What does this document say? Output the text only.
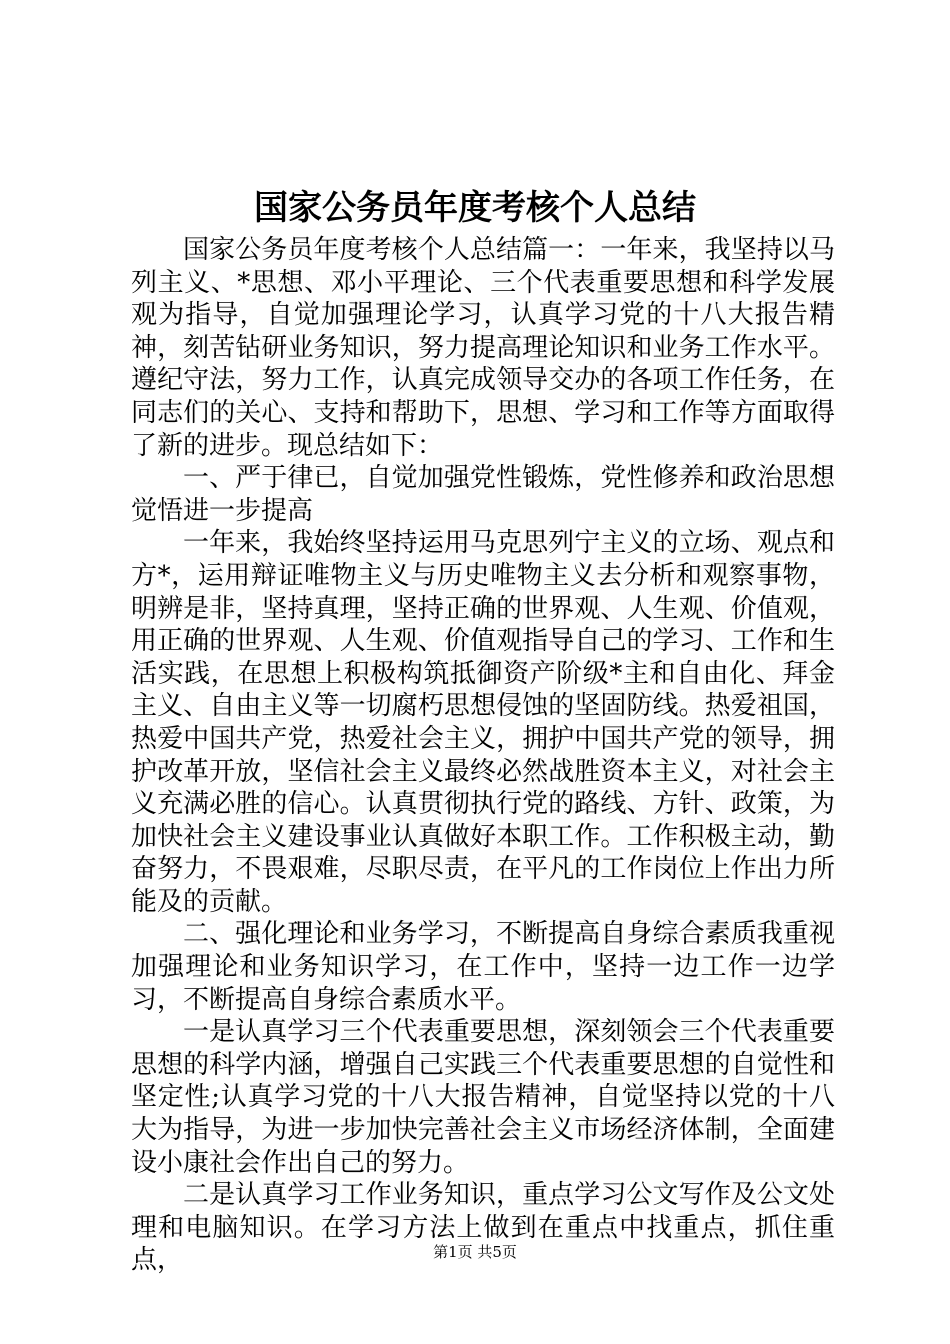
国家公务员年度考核个人总结

国家公务员年度考核个人总结篇一：一年来，我坚持以马列主义、*思想、邓小平理论、三个代表重要思想和科学发展观为指导，自觉加强理论学习，认真学习党的十八大报告精神，刻苦钻研业务知识，努力提高理论知识和业务工作水平。遵纪守法，努力工作，认真完成领导交办的各项工作任务，在同志们的关心、支持和帮助下，思想、学习和工作等方面取得了新的进步。现总结如下：

一、严于律已，自觉加强党性锻炼，党性修养和政治思想觉悟进一步提高

一年来，我始终坚持运用马克思列宁主义的立场、观点和方*，运用辩证唯物主义与历史唯物主义去分析和观察事物，明辨是非，坚持真理，坚持正确的世界观、人生观、价值观，用正确的世界观、人生观、价值观指导自己的学习、工作和生活实践，在思想上积极构筑抵御资产阶级*主和自由化、拜金主义、自由主义等一切腐朽思想侵蚀的坚固防线。热爱祖国，热爱中国共产党，热爱社会主义，拥护中国共产党的领导，拥护改革开放，坚信社会主义最终必然战胜资本主义，对社会主义充满必胜的信心。认真贯彻执行党的路线、方针、政策，为加快社会主义建设事业认真做好本职工作。工作积极主动，勤奋努力，不畏艰难，尽职尽责，在平凡的工作岗位上作出力所能及的贡献。

二、强化理论和业务学习，不断提高自身综合素质我重视加强理论和业务知识学习，在工作中，坚持一边工作一边学习，不断提高自身综合素质水平。

一是认真学习三个代表重要思想，深刻领会三个代表重要思想的科学内涵，增强自己实践三个代表重要思想的自觉性和坚定性;认真学习党的十八大报告精神，自觉坚持以党的十八大为指导，为进一步加快完善社会主义市场经济体制，全面建设小康社会作出自己的努力。

二是认真学习工作业务知识，重点学习公文写作及公文处理和电脑知识。在学习方法上做到在重点中找重点，抓住重点，	第1页 共5页
